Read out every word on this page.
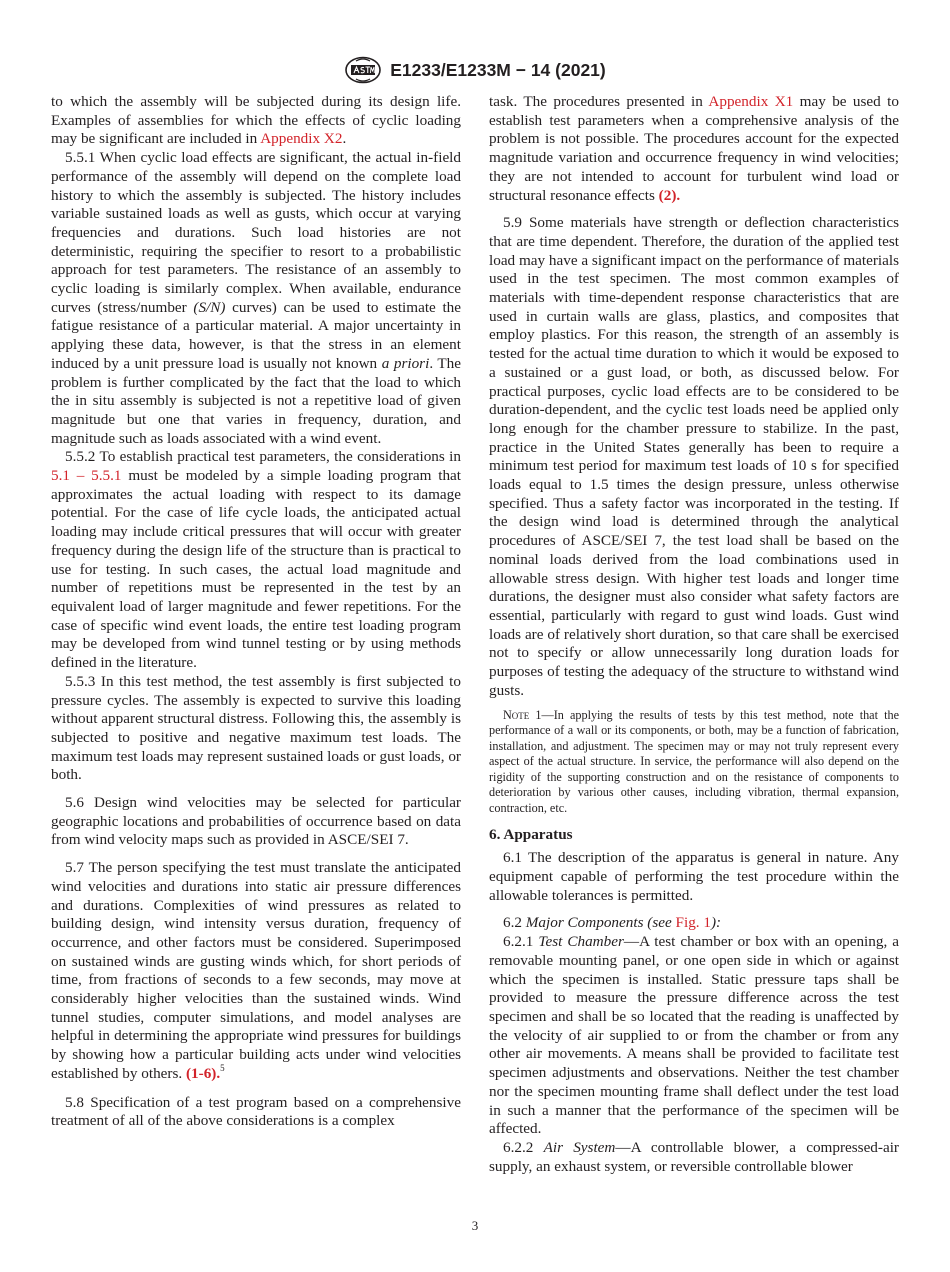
E1233/E1233M − 14 (2021)

to which the assembly will be subjected during its design life. Examples of assemblies for which the effects of cyclic loading may be significant are included in Appendix X2.

5.5.1 When cyclic load effects are significant, the actual in-field performance of the assembly will depend on the complete load history to which the assembly is subjected. The history includes variable sustained loads as well as gusts, which occur at varying frequencies and durations. Such load histories are not deterministic, requiring the specifier to resort to a probabilistic approach for test parameters. The resistance of an assembly to cyclic loading is similarly complex. When available, endurance curves (stress/number (S/N) curves) can be used to estimate the fatigue resistance of a particular material. A major uncertainty in applying these data, however, is that the stress in an element induced by a unit pressure load is usually not known a priori. The problem is further complicated by the fact that the load to which the in situ assembly is subjected is not a repetitive load of given magnitude but one that varies in frequency, duration, and magnitude such as loads associated with a wind event.

5.5.2 To establish practical test parameters, the considerations in 5.1 – 5.5.1 must be modeled by a simple loading program that approximates the actual loading with respect to its damage potential. For the case of life cycle loads, the anticipated actual loading may include critical pressures that will occur with greater frequency during the design life of the structure than is practical to use for testing. In such cases, the actual load magnitude and number of repetitions must be represented in the test by an equivalent load of larger magnitude and fewer repetitions. For the case of specific wind event loads, the entire test loading program may be developed from wind tunnel testing or by using methods defined in the literature.

5.5.3 In this test method, the test assembly is first subjected to pressure cycles. The assembly is expected to survive this loading without apparent structural distress. Following this, the assembly is subjected to positive and negative maximum test loads. The maximum test loads may represent sustained loads or gust loads, or both.

5.6 Design wind velocities may be selected for particular geographic locations and probabilities of occurrence based on data from wind velocity maps such as provided in ASCE/SEI 7.

5.7 The person specifying the test must translate the anticipated wind velocities and durations into static air pressure differences and durations. Complexities of wind pressures as related to building design, wind intensity versus duration, frequency of occurrence, and other factors must be considered. Superimposed on sustained winds are gusting winds which, for short periods of time, from fractions of seconds to a few seconds, may move at considerably higher velocities than the sustained winds. Wind tunnel studies, computer simulations, and model analyses are helpful in determining the appropriate wind pressures for buildings by showing how a particular building acts under wind velocities established by others. (1-6).$^5$

5.8 Specification of a test program based on a comprehensive treatment of all of the above considerations is a complex

task. The procedures presented in Appendix X1 may be used to establish test parameters when a comprehensive analysis of the problem is not possible. The procedures account for the expected magnitude variation and occurrence frequency in wind velocities; they are not intended to account for turbulent wind load or structural resonance effects (2).

5.9 Some materials have strength or deflection characteristics that are time dependent. Therefore, the duration of the applied test load may have a significant impact on the performance of materials used in the test specimen. The most common examples of materials with time-dependent response characteristics that are used in curtain walls are glass, plastics, and composites that employ plastics. For this reason, the strength of an assembly is tested for the actual time duration to which it would be exposed to a sustained or a gust load, or both, as discussed below. For practical purposes, cyclic load effects are to be considered to be duration-dependent, and the cyclic test loads need be applied only long enough for the chamber pressure to stabilize. In the past, practice in the United States generally has been to require a minimum test period for maximum test loads of 10 s for specified loads equal to 1.5 times the design pressure, unless otherwise specified. Thus a safety factor was incorporated in the testing. If the design wind load is determined through the analytical procedures of ASCE/SEI 7, the test load shall be based on the nominal loads derived from the load combinations used in allowable stress design. With higher test loads and longer time durations, the designer must also consider what safety factors are essential, particularly with regard to gust wind loads. Gust wind loads are of relatively short duration, so that care shall be exercised not to specify or allow unnecessarily long duration loads for purposes of testing the adequacy of the structure to withstand wind gusts.

Note 1—In applying the results of tests by this test method, note that the performance of a wall or its components, or both, may be a function of fabrication, installation, and adjustment. The specimen may or may not truly represent every aspect of the actual structure. In service, the performance will also depend on the rigidity of the supporting construction and on the resistance of components to deterioration by various other causes, including vibration, thermal expansion, contraction, etc.
6. Apparatus

6.1 The description of the apparatus is general in nature. Any equipment capable of performing the test procedure within the allowable tolerances is permitted.

6.2 Major Components (see Fig. 1):

6.2.1 Test Chamber—A test chamber or box with an opening, a removable mounting panel, or one open side in which or against which the specimen is installed. Static pressure taps shall be provided to measure the pressure difference across the test specimen and shall be so located that the reading is unaffected by the velocity of air supplied to or from the chamber or from any other air movements. A means shall be provided to facilitate test specimen adjustments and observations. Neither the test chamber nor the specimen mounting frame shall deflect under the test load in such a manner that the performance of the specimen will be affected.

6.2.2 Air System—A controllable blower, a compressed-air supply, an exhaust system, or reversible controllable blower

3
